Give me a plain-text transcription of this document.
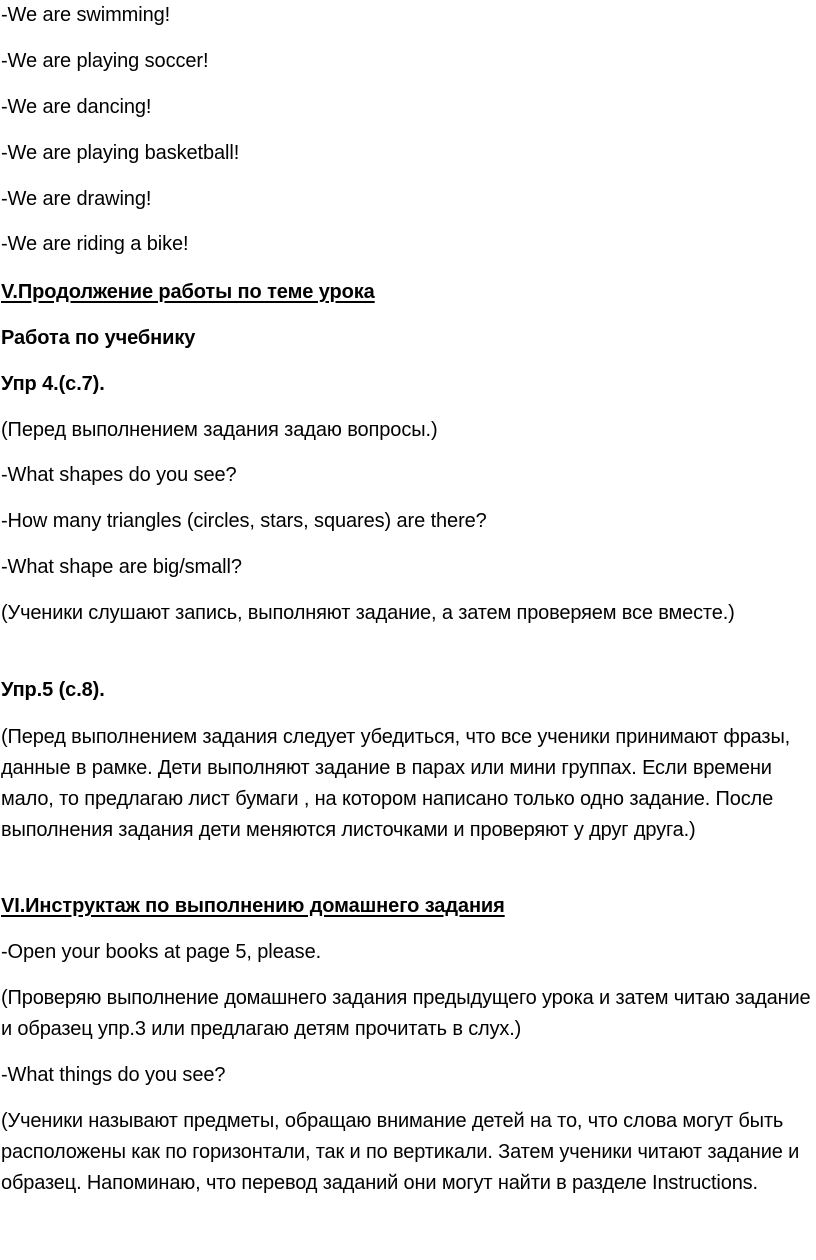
-We are swimming!
-We are playing soccer!
-We are dancing!
-We are playing basketball!
-We are drawing!
-We are riding a bike!
V.Продолжение работы по теме урока
Работа по учебнику
Упр 4.(с.7).
(Перед выполнением задания задаю вопросы.)
-What shapes do you see?
-How many triangles (circles, stars, squares) are there?
-What shape are big/small?
(Ученики слушают запись, выполняют задание, а затем проверяем все вместе.)
Упр.5 (с.8).
(Перед выполнением задания следует убедиться, что все ученики принимают фразы, данные в рамке. Дети выполняют задание в парах или мини группах. Если времени мало, то предлагаю лист бумаги , на котором написано только одно задание. После выполнения задания дети меняются листочками и проверяют у друг друга.)
VI.Инструктаж по выполнению домашнего задания
-Open your books at page 5, please.
(Проверяю выполнение домашнего задания предыдущего урока и затем читаю задание и образец упр.3 или предлагаю детям прочитать в слух.)
-What things do you see?
(Ученики называют предметы, обращаю внимание детей на то, что слова могут быть расположены как по горизонтали, так и по вертикали. Затем ученики читают задание и образец. Напоминаю, что перевод заданий они могут найти в разделе Instructions.
